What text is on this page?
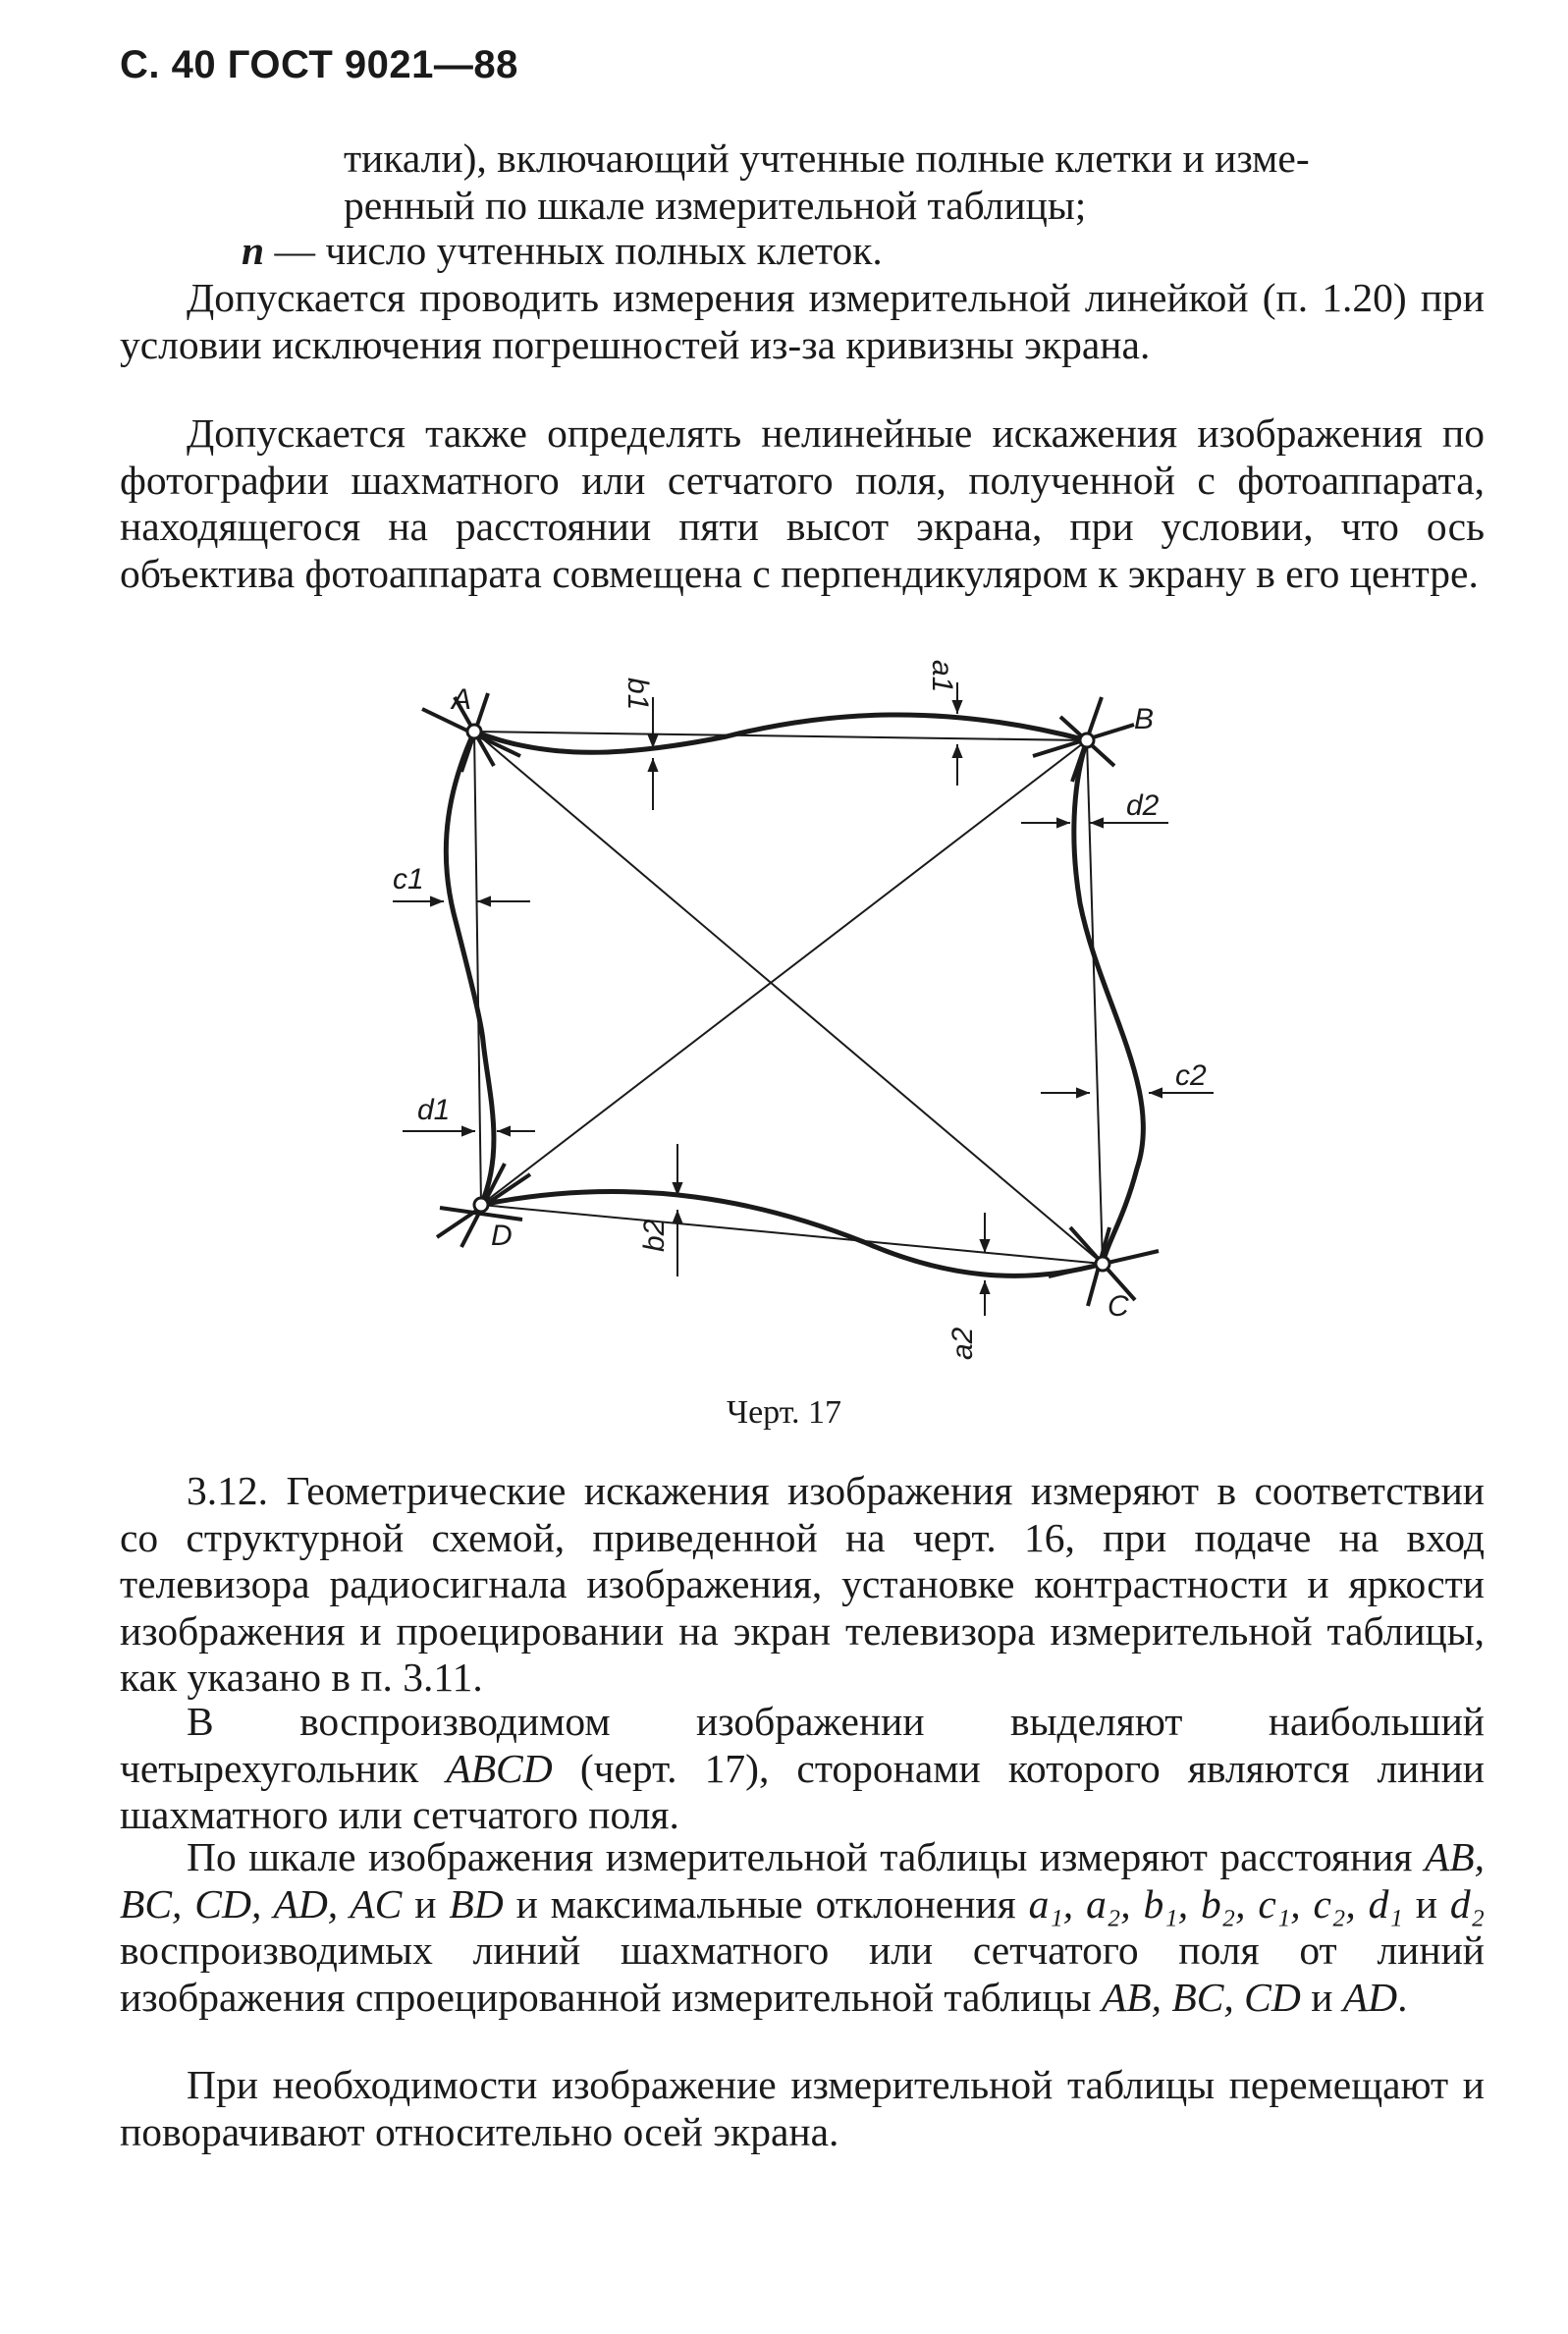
С. 40 ГОСТ 9021—88

тикали), включающий учтенные полные клетки и изме-
ренный по шкале измерительной таблицы;

n — число учтенных полных клеток.

Допускается проводить измерения измерительной линейкой (п. 1.20) при условии исключения погрешностей из-за кривизны экрана.

Допускается также определять нелинейные искажения изображения по фотографии шахматного или сетчатого поля, полученной с фотоаппарата, находящегося на расстоянии пяти высот экрана, при условии, что ось объектива фотоаппарата совмещена с перпендикуляром к экрану в его центре.

A
B
C
D
c1
d1
d2
c2
b1
a1
b2
a2
Черт. 17

3.12. Геометрические искажения изображения измеряют в соответствии со структурной схемой, приведенной на черт. 16, при подаче на вход телевизора радиосигнала изображения, установке контрастности и яркости изображения и проецировании на экран телевизора измерительной таблицы, как указано в п. 3.11.

В воспроизводимом изображении выделяют наибольший четырехугольник ABCD (черт. 17), сторонами которого являются линии шахматного или сетчатого поля.

По шкале изображения измерительной таблицы измеряют расстояния AB, BC, CD, AD, AC и BD и максимальные отклонения a₁, a₂, b₁, b₂, c₁, c₂, d₁ и d₂ воспроизводимых линий шахматного или сетчатого поля от линий изображения спроецированной измерительной таблицы AB, BC, CD и AD.

При необходимости изображение измерительной таблицы перемещают и поворачивают относительно осей экрана.
